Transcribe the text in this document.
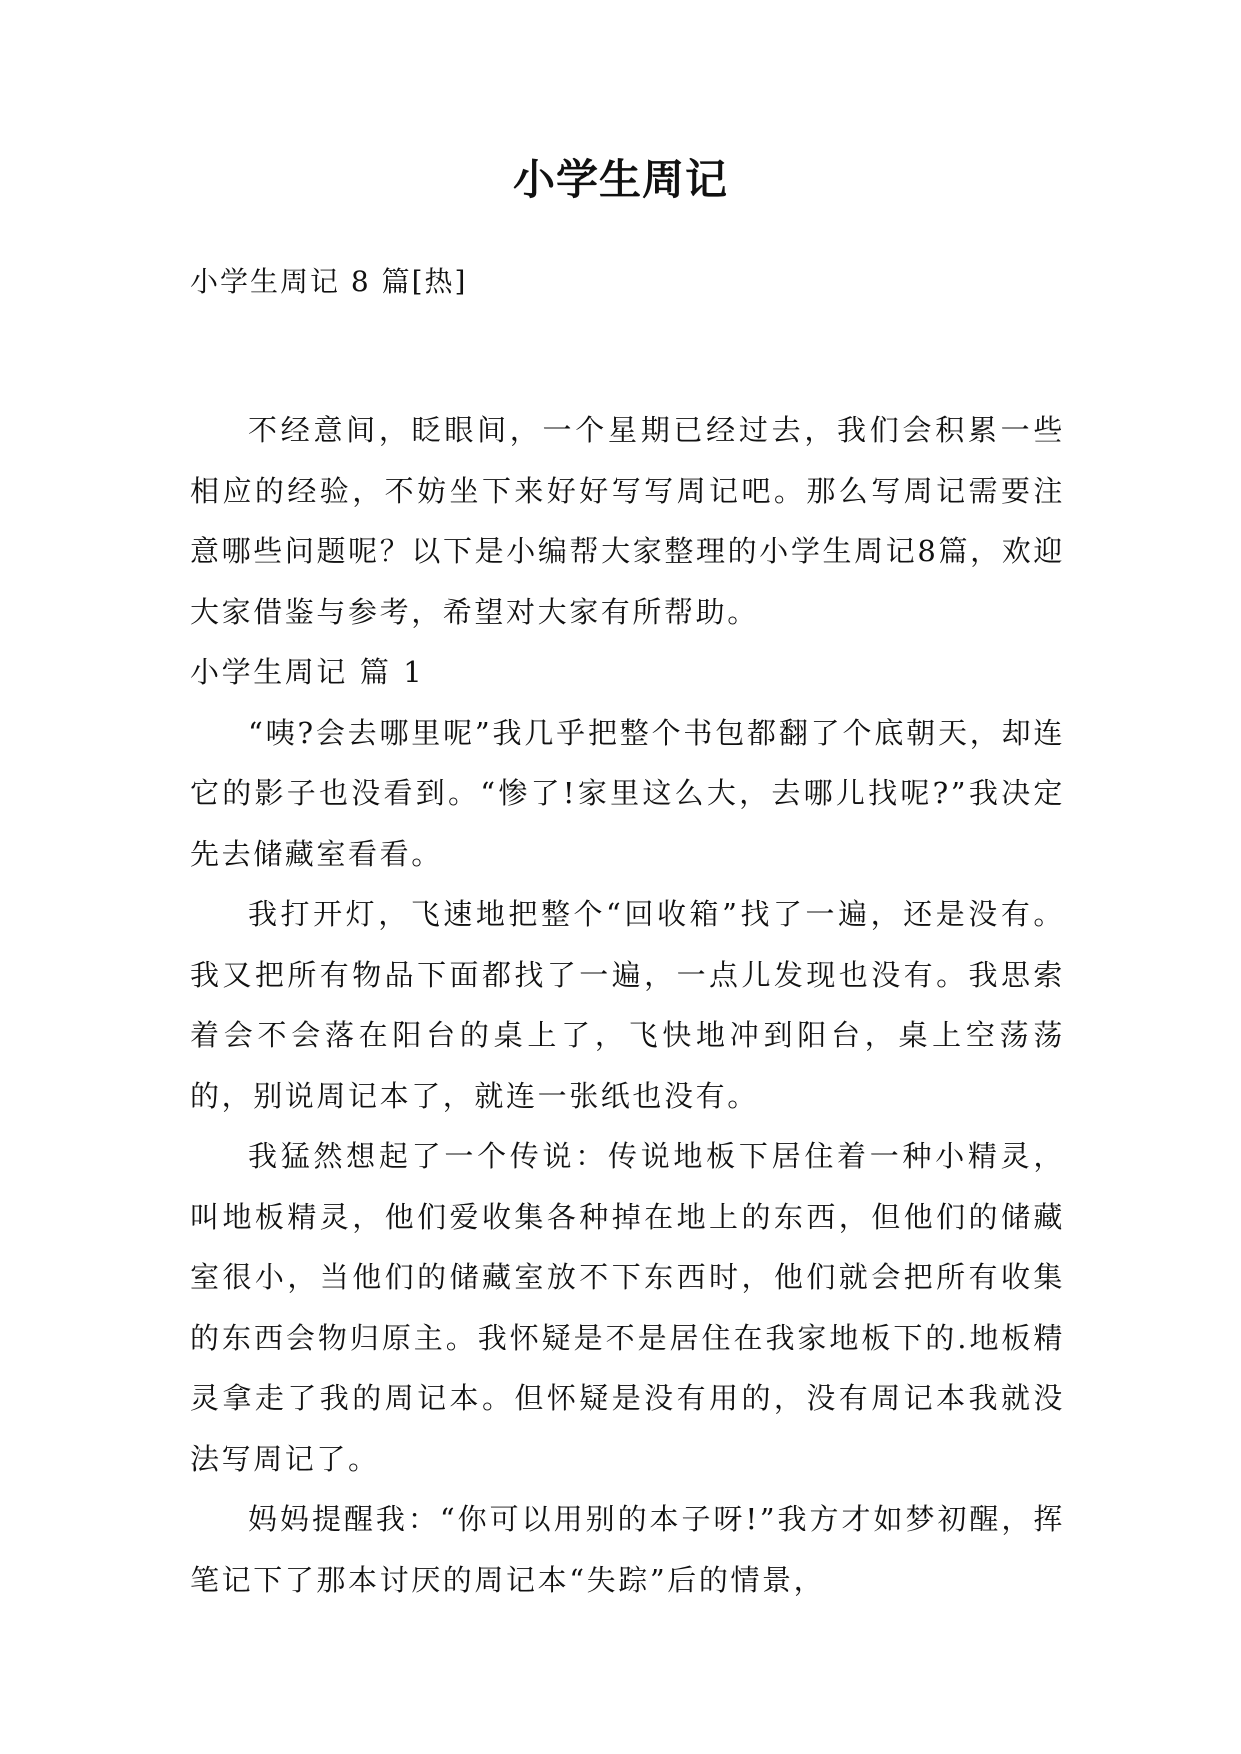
小学生周记
小学生周记 8 篇[热]

不经意间，眨眼间，一个星期已经过去，我们会积累一些相应的经验，不妨坐下来好好写写周记吧。那么写周记需要注意哪些问题呢？以下是小编帮大家整理的小学生周记8篇，欢迎大家借鉴与参考，希望对大家有所帮助。

小学生周记 篇 1

“咦?会去哪里呢”我几乎把整个书包都翻了个底朝天，却连它的影子也没看到。“惨了!家里这么大，去哪儿找呢?”我决定先去储藏室看看。

我打开灯，飞速地把整个“回收箱”找了一遍，还是没有。我又把所有物品下面都找了一遍，一点儿发现也没有。我思索着会不会落在阳台的桌上了，飞快地冲到阳台，桌上空荡荡的，别说周记本了，就连一张纸也没有。

我猛然想起了一个传说：传说地板下居住着一种小精灵，叫地板精灵，他们爱收集各种掉在地上的东西，但他们的储藏室很小，当他们的储藏室放不下东西时，他们就会把所有收集的东西会物归原主。我怀疑是不是居住在我家地板下的.地板精灵拿走了我的周记本。但怀疑是没有用的，没有周记本我就没法写周记了。

妈妈提醒我：“你可以用别的本子呀!”我方才如梦初醒，挥笔记下了那本讨厌的周记本“失踪”后的情景，
